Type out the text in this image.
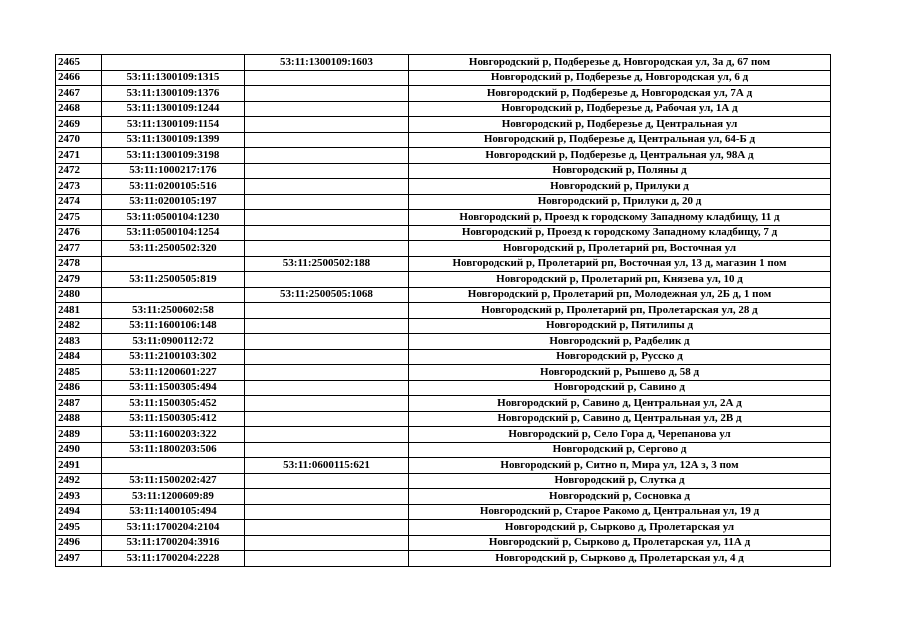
2465		53:11:1300109:1603	Новгородский р, Подберезье д, Новгородская ул, 3а д, 67 пом
2466	53:11:1300109:1315		Новгородский р, Подберезье д, Новгородская ул, 6 д
2467	53:11:1300109:1376		Новгородский р, Подберезье д, Новгородская ул, 7А д
2468	53:11:1300109:1244		Новгородский р, Подберезье д, Рабочая ул, 1А д
2469	53:11:1300109:1154		Новгородский р, Подберезье д, Центральная ул
2470	53:11:1300109:1399		Новгородский р, Подберезье д, Центральная ул, 64-Б д
2471	53:11:1300109:3198		Новгородский р, Подберезье д, Центральная ул, 98А д
2472	53:11:1000217:176		Новгородский р, Поляны д
2473	53:11:0200105:516		Новгородский р, Прилуки д
2474	53:11:0200105:197		Новгородский р, Прилуки д, 20 д
2475	53:11:0500104:1230		Новгородский р, Проезд к городскому Западному кладбищу, 11 д
2476	53:11:0500104:1254		Новгородский р, Проезд к городскому Западному кладбищу, 7 д
2477	53:11:2500502:320		Новгородский р, Пролетарий рп, Восточная ул
2478		53:11:2500502:188	Новгородский р, Пролетарий рп, Восточная ул, 13 д, магазин 1 пом
2479	53:11:2500505:819		Новгородский р, Пролетарий рп, Князева ул, 10 д
2480		53:11:2500505:1068	Новгородский р, Пролетарий рп, Молодежная ул, 2Б д, 1 пом
2481	53:11:2500602:58		Новгородский р, Пролетарий рп, Пролетарская ул, 28 д
2482	53:11:1600106:148		Новгородский р, Пятилипы д
2483	53:11:0900112:72		Новгородский р, Радбелик д
2484	53:11:2100103:302		Новгородский р, Русско д
2485	53:11:1200601:227		Новгородский р, Рышево д, 58 д
2486	53:11:1500305:494		Новгородский р, Савино д
2487	53:11:1500305:452		Новгородский р, Савино д, Центральная ул, 2А д
2488	53:11:1500305:412		Новгородский р, Савино д, Центральная ул, 2В д
2489	53:11:1600203:322		Новгородский р, Село Гора д, Черепанова ул
2490	53:11:1800203:506		Новгородский р, Сергово д
2491		53:11:0600115:621	Новгородский р, Ситно п, Мира ул, 12А з, 3 пом
2492	53:11:1500202:427		Новгородский р, Слутка д
2493	53:11:1200609:89		Новгородский р, Сосновка д
2494	53:11:1400105:494		Новгородский р, Старое Ракомо д, Центральная ул, 19 д
2495	53:11:1700204:2104		Новгородский р, Сырково д, Пролетарская ул
2496	53:11:1700204:3916		Новгородский р, Сырково д, Пролетарская ул, 11А д
2497	53:11:1700204:2228		Новгородский р, Сырково д, Пролетарская ул, 4 д
